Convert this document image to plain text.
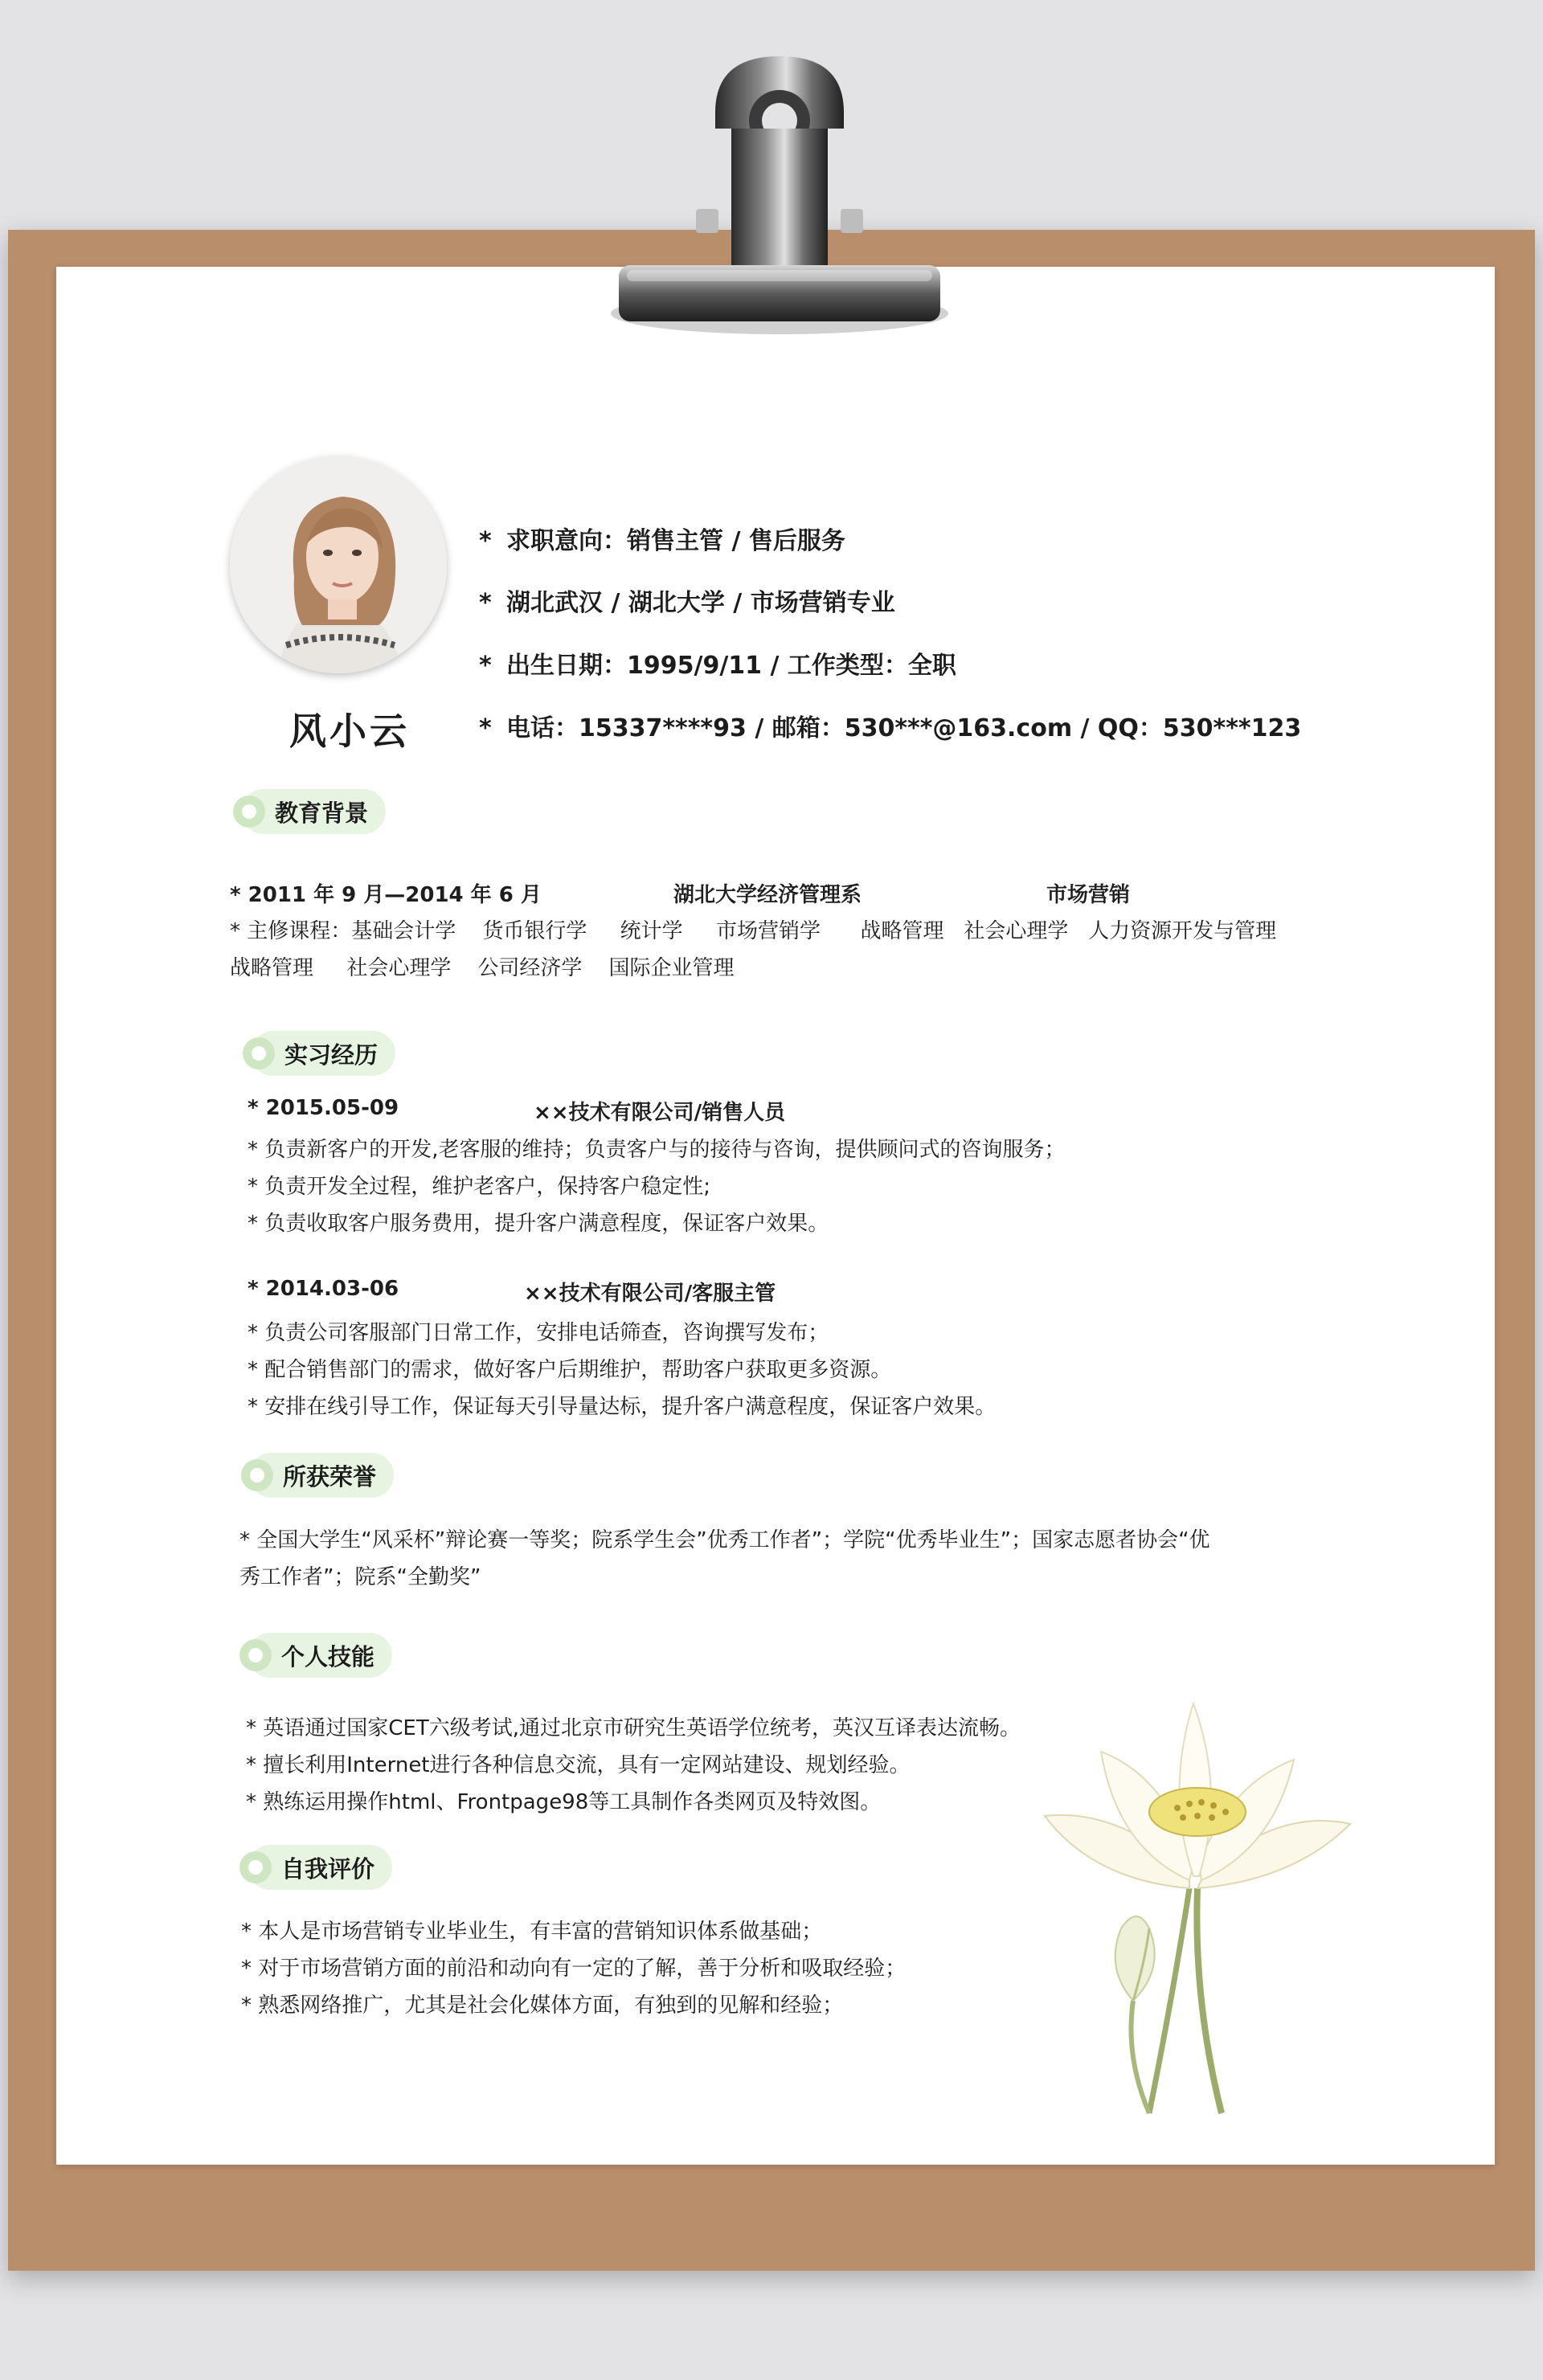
风小云
* 求职意向：销售主管 / 售后服务
* 湖北武汉 / 湖北大学 / 市场营销专业
* 出生日期：1995/9/11 / 工作类型：全职
* 电话：15337****93 / 邮箱：530***@163.com / QQ：530***123
教育背景
* 2011 年 9 月—2014 年 6 月	湖北大学经济管理系	市场营销
* 主修课程：基础会计学    货币银行学     统计学     市场营销学      战略管理   社会心理学   人力资源开发与管理
战略管理     社会心理学    公司经济学    国际企业管理
实习经历
* 2015.05-09	××技术有限公司/销售人员
* 负责新客户的开发,老客服的维持；负责客户与的接待与咨询，提供顾问式的咨询服务；
* 负责开发全过程，维护老客户，保持客户稳定性;
* 负责收取客户服务费用，提升客户满意程度，保证客户效果。
* 2014.03-06	××技术有限公司/客服主管
* 负责公司客服部门日常工作，安排电话筛查，咨询撰写发布；
* 配合销售部门的需求，做好客户后期维护，帮助客户获取更多资源。
* 安排在线引导工作，保证每天引导量达标，提升客户满意程度，保证客户效果。
所获荣誉
* 全国大学生“风采杯”辩论赛一等奖；院系学生会”优秀工作者”；学院“优秀毕业生”；国家志愿者协会“优
秀工作者”；院系“全勤奖”
个人技能
* 英语通过国家CET六级考试,通过北京市研究生英语学位统考，英汉互译表达流畅。
* 擅长利用Internet进行各种信息交流，具有一定网站建设、规划经验。
* 熟练运用操作html、Frontpage98等工具制作各类网页及特效图。
自我评价
* 本人是市场营销专业毕业生，有丰富的营销知识体系做基础；
* 对于市场营销方面的前沿和动向有一定的了解，善于分析和吸取经验；
* 熟悉网络推广，尤其是社会化媒体方面，有独到的见解和经验；
